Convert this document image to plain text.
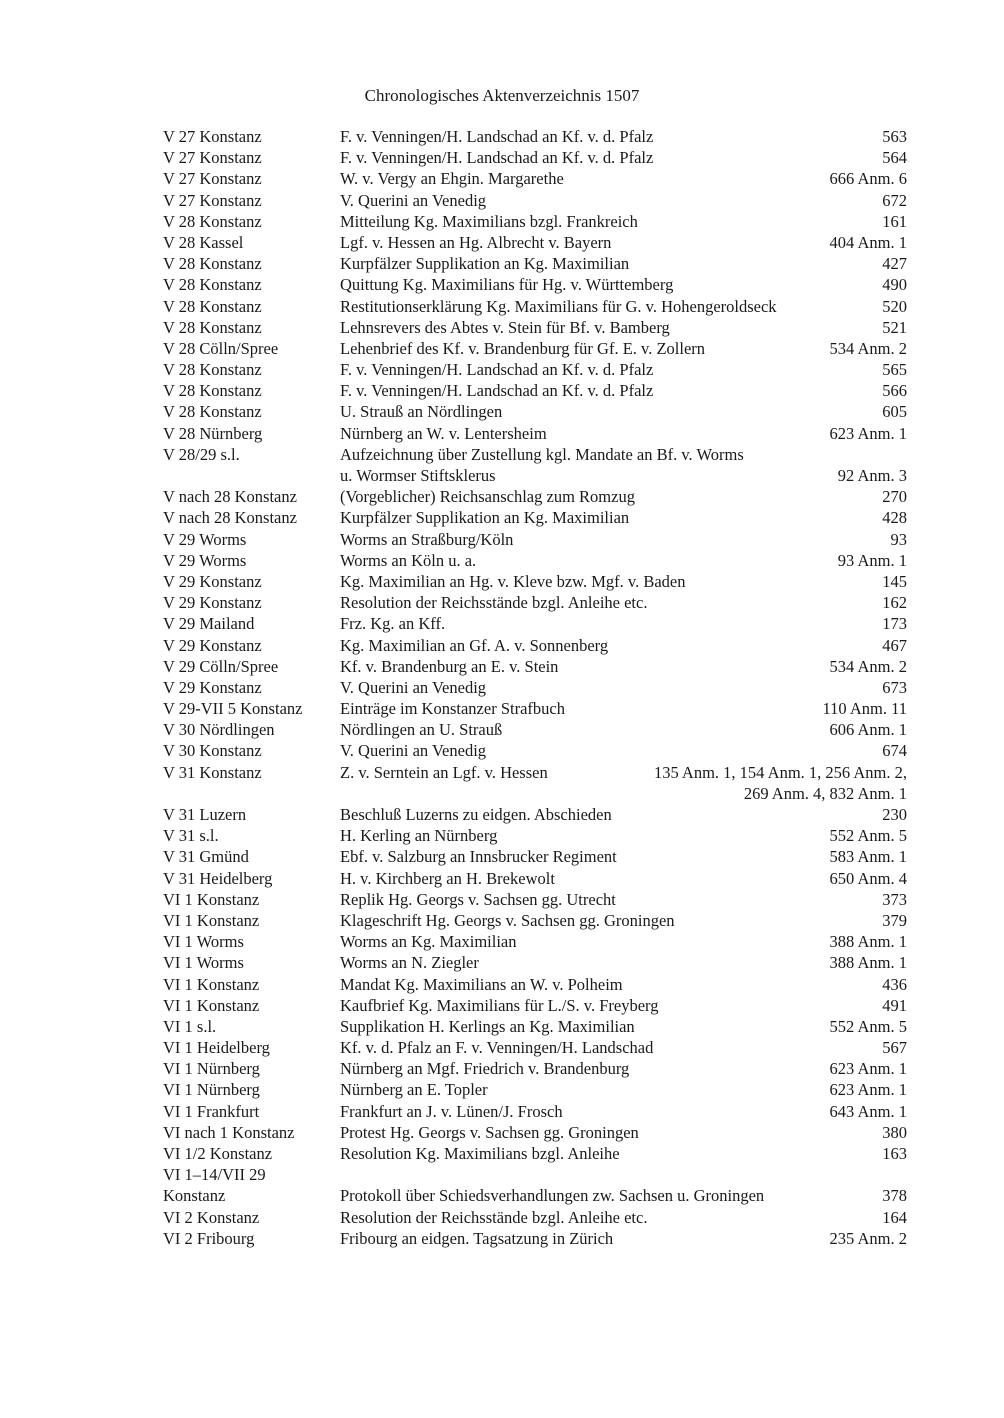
Chronologisches Aktenverzeichnis 1507
V 27 Konstanz	F. v. Venningen/H. Landschad an Kf. v. d. Pfalz	563
V 27 Konstanz	F. v. Venningen/H. Landschad an Kf. v. d. Pfalz	564
V 27 Konstanz	W. v. Vergy an Ehgin. Margarethe	666 Anm. 6
V 27 Konstanz	V. Querini an Venedig	672
V 28 Konstanz	Mitteilung Kg. Maximilians bzgl. Frankreich	161
V 28 Kassel	Lgf. v. Hessen an Hg. Albrecht v. Bayern	404 Anm. 1
V 28 Konstanz	Kurpfälzer Supplikation an Kg. Maximilian	427
V 28 Konstanz	Quittung Kg. Maximilians für Hg. v. Württemberg	490
V 28 Konstanz	Restitutionserklärung Kg. Maximilians für G. v. Hohengeroldseck	520
V 28 Konstanz	Lehnsrevers des Abtes v. Stein für Bf. v. Bamberg	521
V 28 Cölln/Spree	Lehenbrief des Kf. v. Brandenburg für Gf. E. v. Zollern	534 Anm. 2
V 28 Konstanz	F. v. Venningen/H. Landschad an Kf. v. d. Pfalz	565
V 28 Konstanz	F. v. Venningen/H. Landschad an Kf. v. d. Pfalz	566
V 28 Konstanz	U. Strauß an Nördlingen	605
V 28 Nürnberg	Nürnberg an W. v. Lentersheim	623 Anm. 1
V 28/29 s.l.	Aufzeichnung über Zustellung kgl. Mandate an Bf. v. Worms
u. Wormser Stiftsklerus	92 Anm. 3
V nach 28 Konstanz	(Vorgeblicher) Reichsanschlag zum Romzug	270
V nach 28 Konstanz	Kurpfälzer Supplikation an Kg. Maximilian	428
V 29 Worms	Worms an Straßburg/Köln	93
V 29 Worms	Worms an Köln u. a.	93 Anm. 1
V 29 Konstanz	Kg. Maximilian an Hg. v. Kleve bzw. Mgf. v. Baden	145
V 29 Konstanz	Resolution der Reichsstände bzgl. Anleihe etc.	162
V 29 Mailand	Frz. Kg. an Kff.	173
V 29 Konstanz	Kg. Maximilian an Gf. A. v. Sonnenberg	467
V 29 Cölln/Spree	Kf. v. Brandenburg an E. v. Stein	534 Anm. 2
V 29 Konstanz	V. Querini an Venedig	673
V 29-VII 5 Konstanz Einträge im Konstanzer Strafbuch	110 Anm. 11
V 30 Nördlingen	Nördlingen an U. Strauß	606 Anm. 1
V 30 Konstanz	V. Querini an Venedig	674
V 31 Konstanz	Z. v. Serntein an Lgf. v. Hessen	135 Anm. 1, 154 Anm. 1, 256 Anm. 2,
269 Anm. 4, 832 Anm. 1
V 31 Luzern	Beschluß Luzerns zu eidgen. Abschieden	230
V 31 s.l.	H. Kerling an Nürnberg	552 Anm. 5
V 31 Gmünd	Ebf. v. Salzburg an Innsbrucker Regiment	583 Anm. 1
V 31 Heidelberg	H. v. Kirchberg an H. Brekewolt	650 Anm. 4
VI 1 Konstanz	Replik Hg. Georgs v. Sachsen gg. Utrecht	373
VI 1 Konstanz	Klageschrift Hg. Georgs v. Sachsen gg. Groningen	379
VI 1 Worms	Worms an Kg. Maximilian	388 Anm. 1
VI 1 Worms	Worms an N. Ziegler	388 Anm. 1
VI 1 Konstanz	Mandat Kg. Maximilians an W. v. Polheim	436
VI 1 Konstanz	Kaufbrief Kg. Maximilians für L./S. v. Freyberg	491
VI 1 s.l.	Supplikation H. Kerlings an Kg. Maximilian	552 Anm. 5
VI 1 Heidelberg	Kf. v. d. Pfalz an F. v. Venningen/H. Landschad	567
VI 1 Nürnberg	Nürnberg an Mgf. Friedrich v. Brandenburg	623 Anm. 1
VI 1 Nürnberg	Nürnberg an E. Topler	623 Anm. 1
VI 1 Frankfurt	Frankfurt an J. v. Lünen/J. Frosch	643 Anm. 1
VI nach 1 Konstanz	Protest Hg. Georgs v. Sachsen gg. Groningen	380
VI 1/2 Konstanz	Resolution Kg. Maximilians bzgl. Anleihe	163
VI 1–14/VII 29
Konstanz	Protokoll über Schiedsverhandlungen zw. Sachsen u. Groningen	378
VI 2 Konstanz	Resolution der Reichsstände bzgl. Anleihe etc.	164
VI 2 Fribourg	Fribourg an eidgen. Tagsatzung in Zürich	235 Anm. 2
